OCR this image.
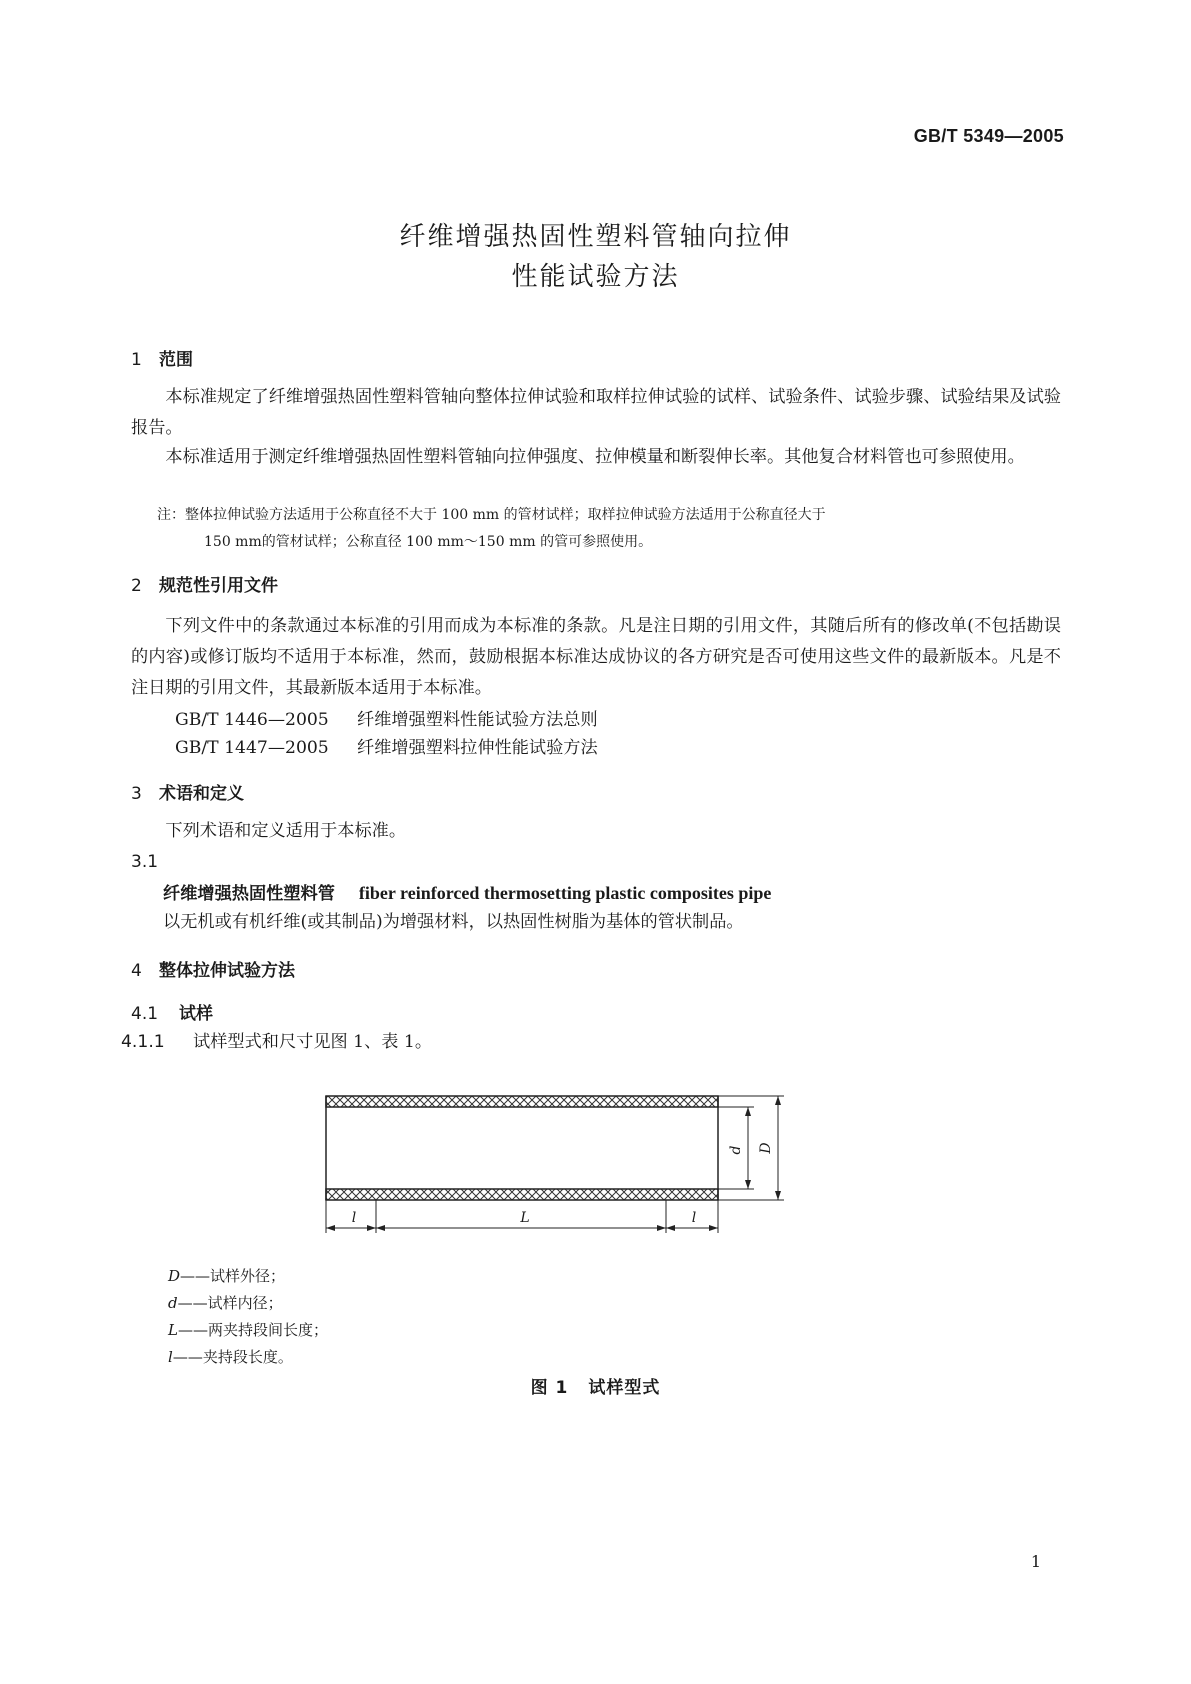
GB/T 5349—2005
纤维增强热固性塑料管轴向拉伸
性能试验方法
1 范围
本标准规定了纤维增强热固性塑料管轴向整体拉伸试验和取样拉伸试验的试样、试验条件、试验步骤、试验结果及试验报告。
本标准适用于测定纤维增强热固性塑料管轴向拉伸强度、拉伸模量和断裂伸长率。其他复合材料管也可参照使用。
注：整体拉伸试验方法适用于公称直径不大于 100 mm 的管材试样；取样拉伸试验方法适用于公称直径大于
150 mm的管材试样；公称直径 100 mm～150 mm 的管可参照使用。
2 规范性引用文件
下列文件中的条款通过本标准的引用而成为本标准的条款。凡是注日期的引用文件，其随后所有的修改单(不包括勘误的内容)或修订版均不适用于本标准，然而，鼓励根据本标准达成协议的各方研究是否可使用这些文件的最新版本。凡是不注日期的引用文件，其最新版本适用于本标准。
GB/T 1446—2005 纤维增强塑料性能试验方法总则
GB/T 1447—2005 纤维增强塑料拉伸性能试验方法
3 术语和定义
下列术语和定义适用于本标准。
3.1
纤维增强热固性塑料管 fiber reinforced thermosetting plastic composites pipe
以无机或有机纤维(或其制品)为增强材料，以热固性树脂为基体的管状制品。
4 整体拉伸试验方法
4.1 试样
4.1.1 试样型式和尺寸见图 1、表 1。
d D
l	L	l
D——试样外径；
d——试样内径；
L——两夹持段间长度；
l——夹持段长度。
图 1 试样型式
1
